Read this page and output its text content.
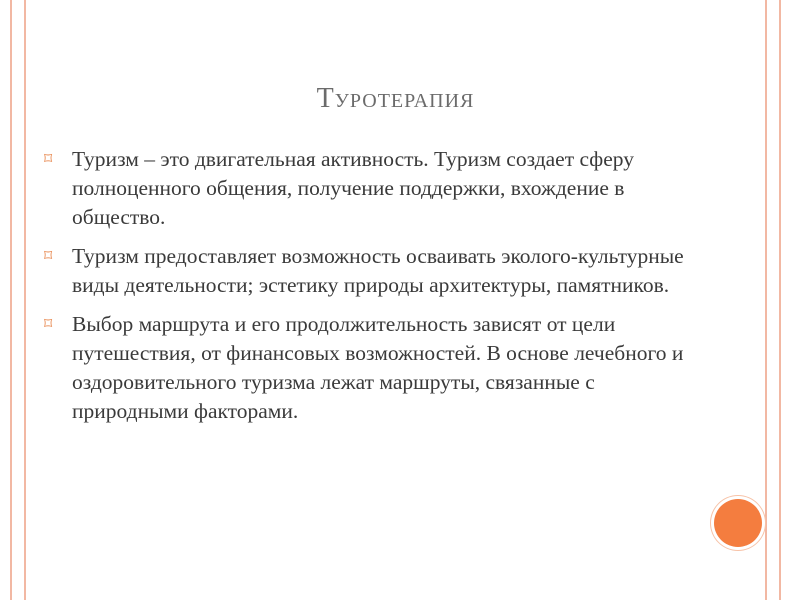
Туротерапия
⌑ Туризм – это двигательная активность. Туризм создает сферу полноценного общения, получение поддержки, вхождение в общество.
⌑ Туризм предоставляет возможность осваивать эколого-культурные виды деятельности; эстетику природы архитектуры, памятников.
⌑ Выбор маршрута и его продолжительность зависят от цели путешествия, от финансовых возможностей. В основе лечебного и оздоровительного туризма лежат маршруты, связанные с природными факторами.
